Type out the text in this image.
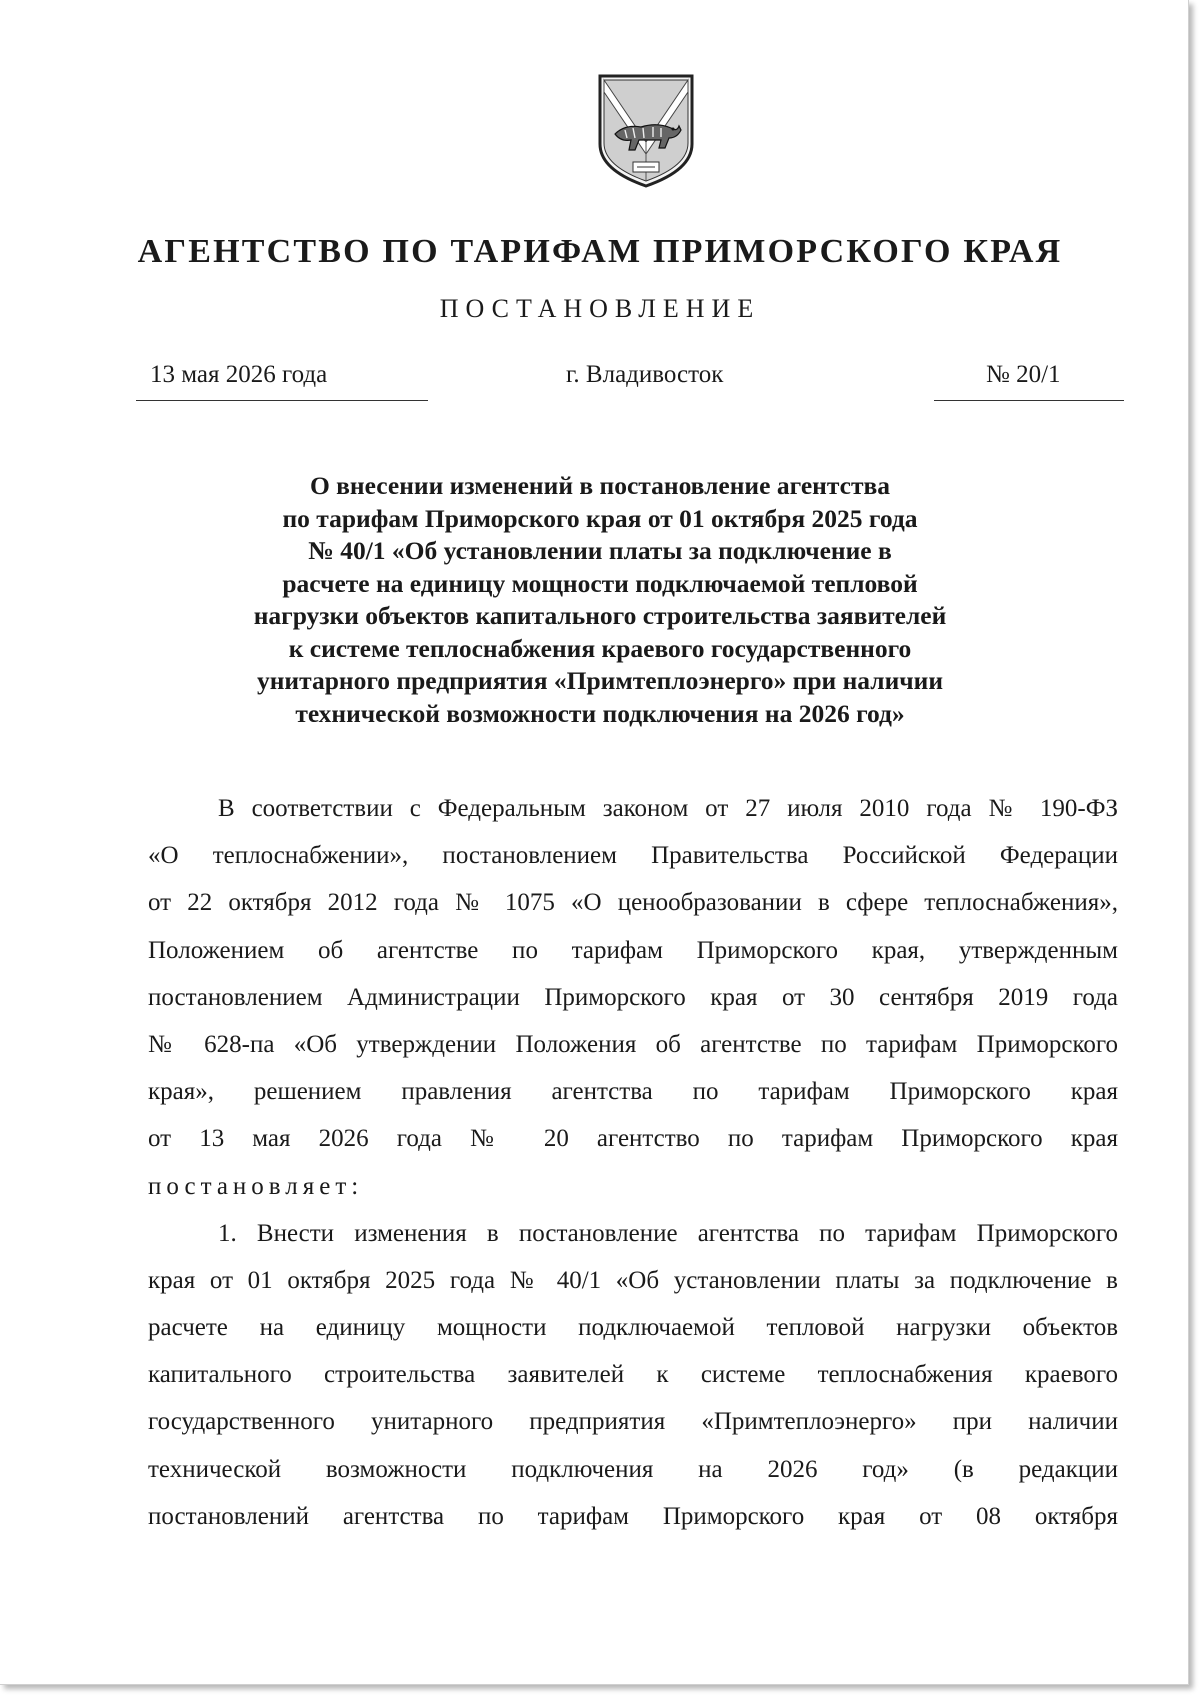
АГЕНТСТВО ПО ТАРИФАМ ПРИМОРСКОГО КРАЯ
ПОСТАНОВЛЕНИЕ
13 мая 2026 года	г. Владивосток	№ 20/1
О внесении изменений в постановление агентства
по тарифам Приморского края от 01 октября 2025 года
№ 40/1 «Об установлении платы за подключение в
расчете на единицу мощности подключаемой тепловой
нагрузки объектов капитального строительства заявителей
к системе теплоснабжения краевого государственного
унитарного предприятия «Примтеплоэнерго» при наличии
технической возможности подключения на 2026 год»
В соответствии с Федеральным законом от 27 июля 2010 года № 190-ФЗ
«О теплоснабжении», постановлением Правительства Российской Федерации
от 22 октября 2012 года № 1075 «О ценообразовании в сфере теплоснабжения»,
Положением об агентстве по тарифам Приморского края, утвержденным
постановлением Администрации Приморского края от 30 сентября 2019 года
№ 628-па «Об утверждении Положения об агентстве по тарифам Приморского
края», решением правления агентства по тарифам Приморского края
от 13 мая 2026 года № 20 агентство по тарифам Приморского края
постановляет:
1. Внести изменения в постановление агентства по тарифам Приморского
края от 01 октября 2025 года № 40/1 «Об установлении платы за подключение в
расчете на единицу мощности подключаемой тепловой нагрузки объектов
капитального строительства заявителей к системе теплоснабжения краевого
государственного унитарного предприятия «Примтеплоэнерго» при наличии
технической возможности подключения на 2026 год» (в редакции
постановлений агентства по тарифам Приморского края от 08 октября
